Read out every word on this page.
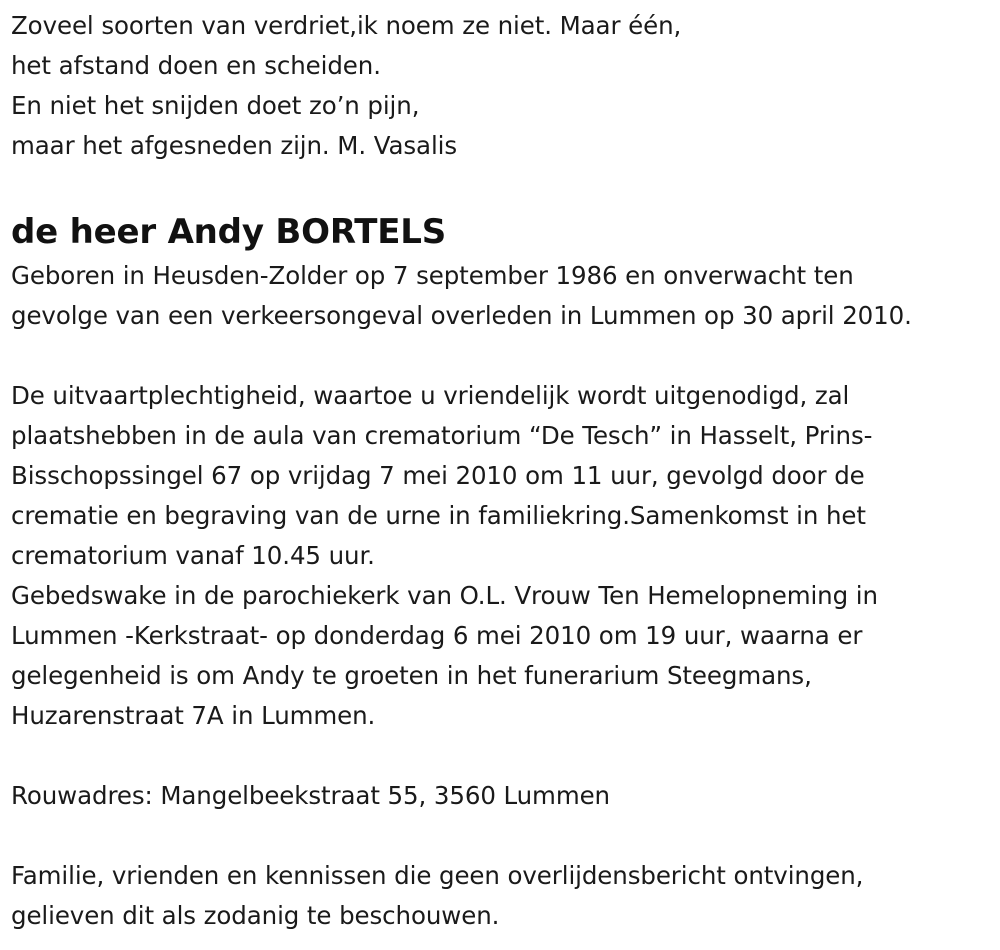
Zoveel soorten van verdriet,ik noem ze niet. Maar één,
het afstand doen en scheiden.
En niet het snijden doet zo’n pijn,
maar het afgesneden zijn. M. Vasalis
de heer Andy BORTELS
Geboren in Heusden-Zolder op 7 september 1986 en onverwacht ten
gevolge van een verkeersongeval overleden in Lummen op 30 april 2010.
De uitvaartplechtigheid, waartoe u vriendelijk wordt uitgenodigd, zal
plaatshebben in de aula van crematorium “De Tesch” in Hasselt, Prins-
Bisschopssingel 67 op vrijdag 7 mei 2010 om 11 uur, gevolgd door de
crematie en begraving van de urne in familiekring.Samenkomst in het
crematorium vanaf 10.45 uur.
Gebedswake in de parochiekerk van O.L. Vrouw Ten Hemelopneming in
Lummen -Kerkstraat- op donderdag 6 mei 2010 om 19 uur, waarna er
gelegenheid is om Andy te groeten in het funerarium Steegmans,
Huzarenstraat 7A in Lummen.
Rouwadres: Mangelbeekstraat 55, 3560 Lummen
Familie, vrienden en kennissen die geen overlijdensbericht ontvingen,
gelieven dit als zodanig te beschouwen.
